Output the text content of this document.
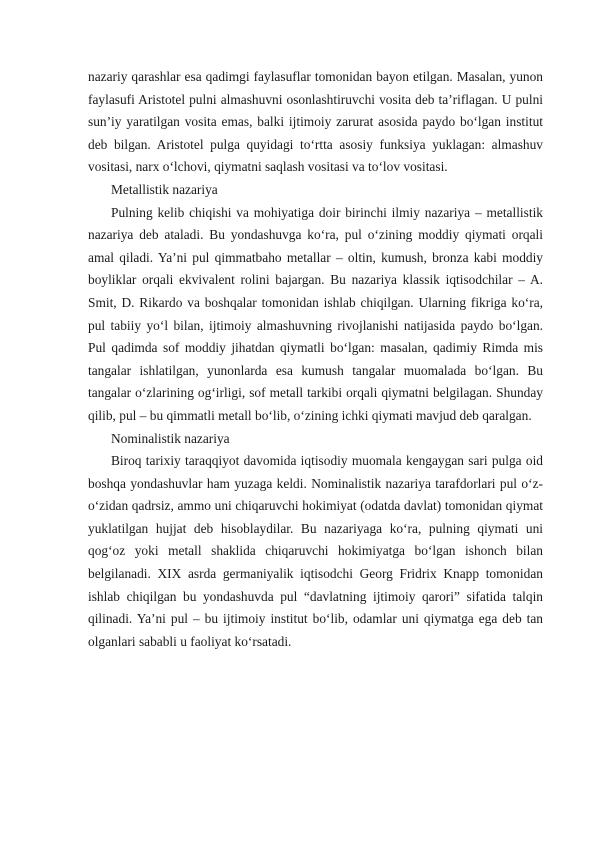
nazariy qarashlar esa qadimgi faylasuflar tomonidan bayon etilgan. Masalan, yunon faylasufi Aristotel pulni almashuvni osonlashtiruvchi vosita deb ta’riflagan. U pulni sun’iy yaratilgan vosita emas, balki ijtimoiy zarurat asosida paydo bo‘lgan institut deb bilgan. Aristotel pulga quyidagi to‘rtta asosiy funksiya yuklagan: almashuv vositasi, narx o‘lchovi, qiymatni saqlash vositasi va to‘lov vositasi.

Metallistik nazariya

Pulning kelib chiqishi va mohiyatiga doir birinchi ilmiy nazariya – metallistik nazariya deb ataladi. Bu yondashuvga ko‘ra, pul o‘zining moddiy qiymati orqali amal qiladi. Ya’ni pul qimmatbaho metallar – oltin, kumush, bronza kabi moddiy boyliklar orqali ekvivalent rolini bajargan. Bu nazariya klassik iqtisodchilar – A. Smit, D. Rikardo va boshqalar tomonidan ishlab chiqilgan. Ularning fikriga ko‘ra, pul tabiiy yo‘l bilan, ijtimoiy almashuvning rivojlanishi natijasida paydo bo‘lgan. Pul qadimda sof moddiy jihatdan qiymatli bo‘lgan: masalan, qadimiy Rimda mis tangalar ishlatilgan, yunonlarda esa kumush tangalar muomalada bo‘lgan. Bu tangalar o‘zlarining og‘irligi, sof metall tarkibi orqali qiymatni belgilagan. Shunday qilib, pul – bu qimmatli metall bo‘lib, o‘zining ichki qiymati mavjud deb qaralgan.

Nominalistik nazariya

Biroq tarixiy taraqqiyot davomida iqtisodiy muomala kengaygan sari pulga oid boshqa yondashuvlar ham yuzaga keldi. Nominalistik nazariya tarafdorlari pul o‘z-o‘zidan qadrsiz, ammo uni chiqaruvchi hokimiyat (odatda davlat) tomonidan qiymat yuklatilgan hujjat deb hisoblaydilar. Bu nazariyaga ko‘ra, pulning qiymati uni qog‘oz yoki metall shaklida chiqaruvchi hokimiyatga bo‘lgan ishonch bilan belgilanadi. XIX asrda germaniyalik iqtisodchi Georg Fridrix Knapp tomonidan ishlab chiqilgan bu yondashuvda pul “davlatning ijtimoiy qarori” sifatida talqin qilinadi. Ya’ni pul – bu ijtimoiy institut bo‘lib, odamlar uni qiymatga ega deb tan olganlari sababli u faoliyat ko‘rsatadi.
